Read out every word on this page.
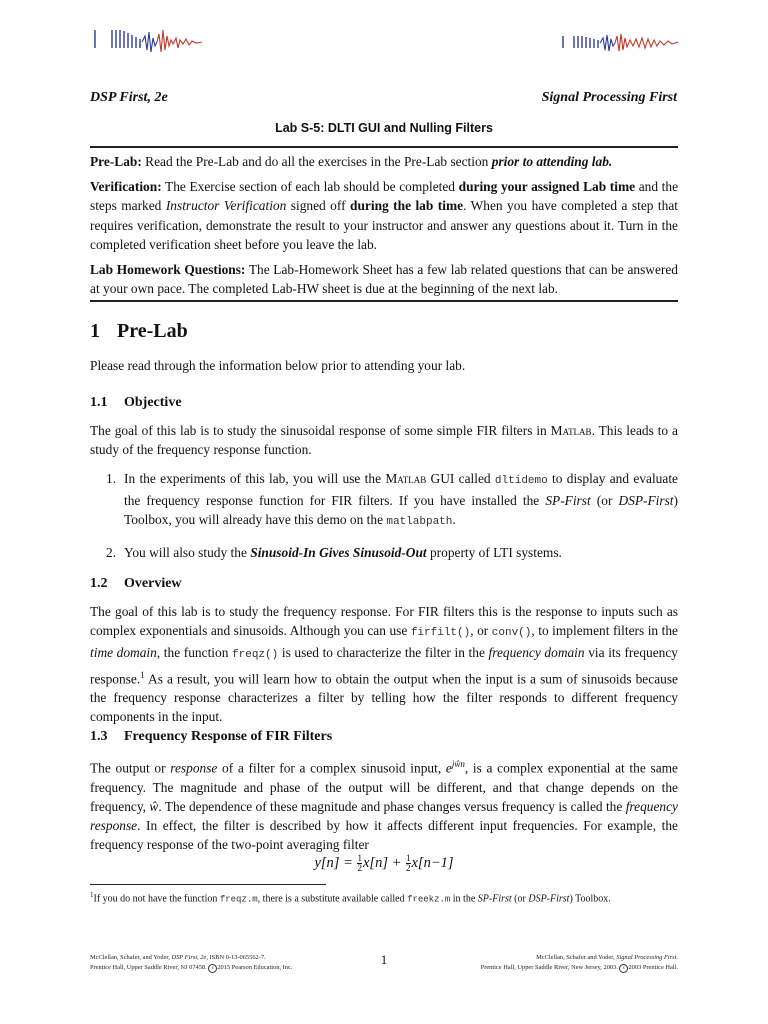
DSP First, 2e	Signal Processing First
Lab S-5: DLTI GUI and Nulling Filters

Pre-Lab: Read the Pre-Lab and do all the exercises in the Pre-Lab section prior to attending lab.

Verification: The Exercise section of each lab should be completed during your assigned Lab time and the steps marked Instructor Verification signed off during the lab time. When you have completed a step that requires verification, demonstrate the result to your instructor and answer any questions about it. Turn in the completed verification sheet before you leave the lab.

Lab Homework Questions: The Lab-Homework Sheet has a few lab related questions that can be answered at your own pace. The completed Lab-HW sheet is due at the beginning of the next lab.

1 Pre-Lab

Please read through the information below prior to attending your lab.

1.1 Objective

The goal of this lab is to study the sinusoidal response of some simple FIR filters in Matlab. This leads to a study of the frequency response function.

1. In the experiments of this lab, you will use the Matlab GUI called dltidemo to display and evaluate the frequency response function for FIR filters. If you have installed the SP-First (or DSP-First) Toolbox, you will already have this demo on the matlabpath.
2. You will also study the Sinusoid-In Gives Sinusoid-Out property of LTI systems.
1.2 Overview

The goal of this lab is to study the frequency response. For FIR filters this is the response to inputs such as complex exponentials and sinusoids. Although you can use firfilt(), or conv(), to implement filters in the time domain, the function freqz() is used to characterize the filter in the frequency domain via its frequency response.$^1$ As a result, you will learn how to obtain the output when the input is a sum of sinusoids because the frequency response characterizes a filter by telling how the filter responds to different frequency components in the input.

1.3 Frequency Response of FIR Filters

The output or response of a filter for a complex sinusoid input, $e^{jŵn}$, is a complex exponential at the same frequency. The magnitude and phase of the output will be different, and that change depends on the frequency, ŵ. The dependence of these magnitude and phase changes versus frequency is called the frequency response. In effect, the filter is described by how it affects different input frequencies. For example, the frequency response of the two-point averaging filter

$y[n] = \frac{1}{2} x[n] + \frac{1}{2} x[n-1]$
$^1$If you do not have the function freqz.m, there is a substitute available called freekz.m in the SP-First (or DSP-First) Toolbox.
McClellan, Schafer, and Yoder, DSP First, 2e, ISBN 0-13-065562-7.
Prentice Hall, Upper Saddle River, NJ 07458. c 2015 Pearson Education, Inc.
1	McClellan, Schafer and Yoder, Signal Processing First.
Prentice Hall, Upper Saddle River, New Jersey, 2003. c 2003 Prentice Hall.
